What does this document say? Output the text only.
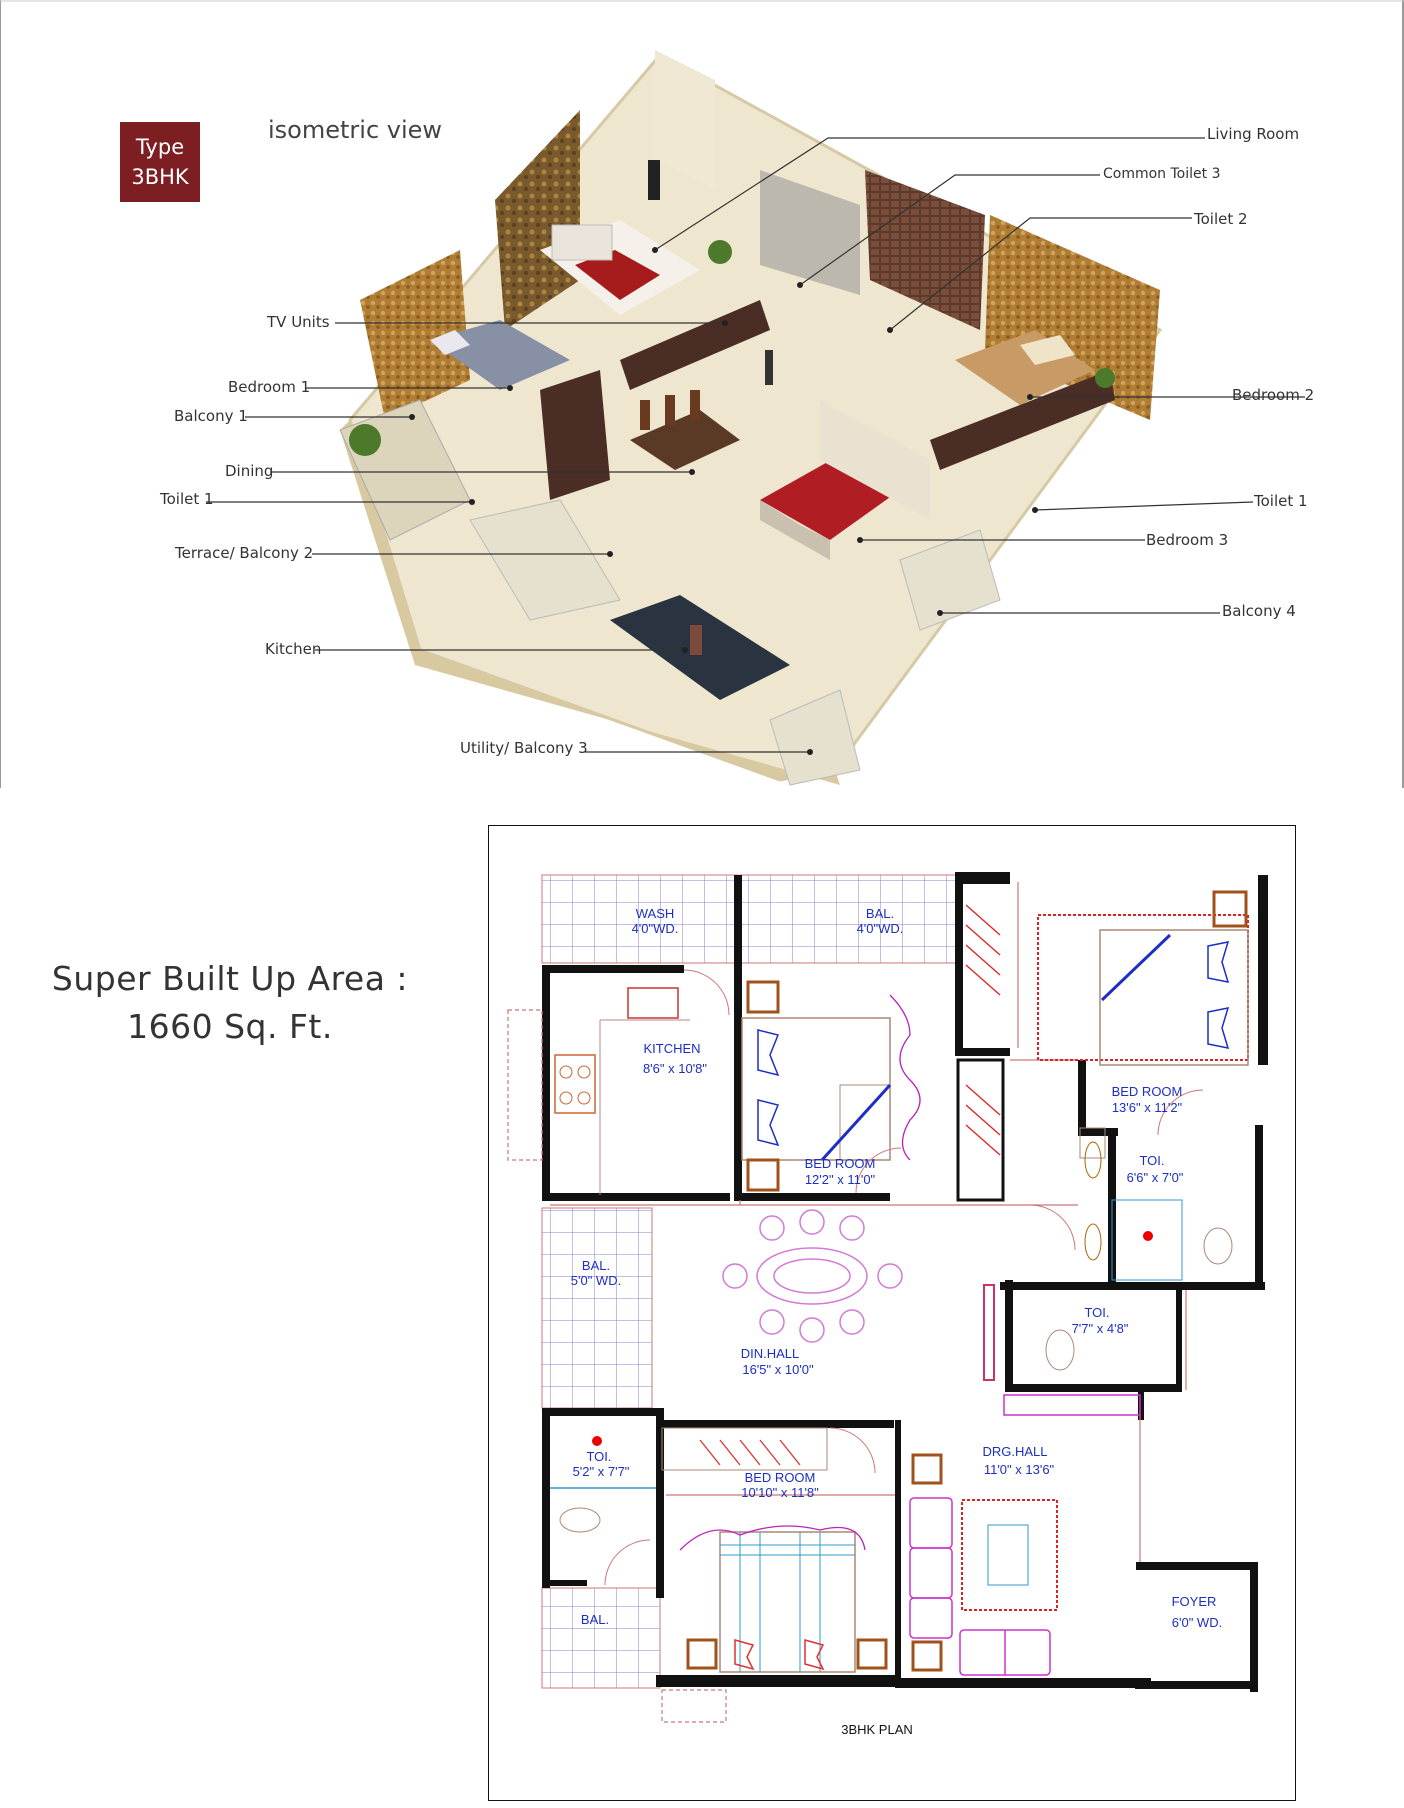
Type
3BHK
isometric view	Living Room
Common Toilet 3
Toilet 2
TV Units
Bedroom 1
Balcony 1
Bedroom 2
Dining
Toilet 1	Toilet 1
Bedroom 3
Terrace/ Balcony 2
Balcony 4
Kitchen
Utility/ Balcony 3
Super Built Up Area :
1660 Sq. Ft.
WASH
4'0"WD.
BAL.
4'0"WD.
KITCHEN
8'6" x 10'8"
BED ROOM
12'2" x 11'0"
BED ROOM
13'6" x 11'2"
TOI.
6'6" x 7'0"
BAL.
5'0" WD.
DIN.HALL
16'5" x 10'0"
TOI.
7'7" x 4'8"
TOI.
5'2" x 7'7"	BED ROOM
10'10" x 11'8"
DRG.HALL
11'0" x 13'6"
BAL.
FOYER
6'0" WD.
3BHK PLAN
